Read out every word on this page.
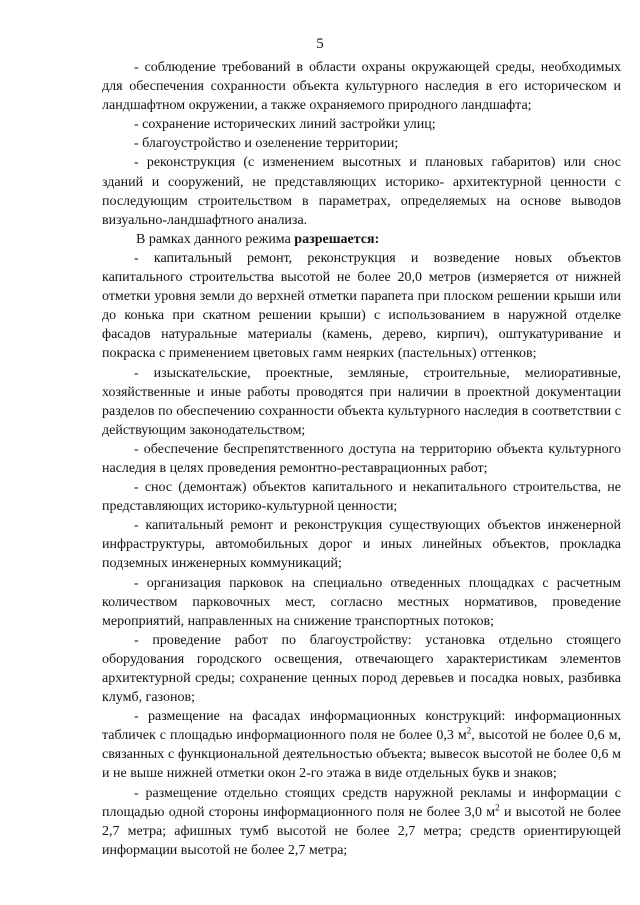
5

- соблюдение требований в области охраны окружающей среды, необходимых для обеспечения сохранности объекта культурного наследия в его историческом и ландшафтном окружении, а также охраняемого природного ландшафта;

- сохранение исторических линий застройки улиц;

- благоустройство и озеленение территории;

- реконструкция (с изменением высотных и плановых габаритов) или снос зданий и сооружений, не представляющих историко- архитектурной ценности с последующим строительством в параметрах, определяемых на основе выводов визуально-ландшафтного анализа.

В рамках данного режима разрешается:

- капитальный ремонт, реконструкция и возведение новых объектов капитального строительства высотой не более 20,0 метров (измеряется от нижней отметки уровня земли до верхней отметки парапета при плоском решении крыши или до конька при скатном решении крыши) с использованием в наружной отделке фасадов натуральные материалы (камень, дерево, кирпич), оштукатуривание и покраска с применением цветовых гамм неярких (пастельных) оттенков;

- изыскательские, проектные, земляные, строительные, мелиоративные, хозяйственные и иные работы проводятся при наличии в проектной документации разделов по обеспечению сохранности объекта культурного наследия в соответствии с действующим законодательством;

- обеспечение беспрепятственного доступа на территорию объекта культурного наследия в целях проведения ремонтно-реставрационных работ;

- снос (демонтаж) объектов капитального и некапитального строительства, не представляющих историко-культурной ценности;

- капитальный ремонт и реконструкция существующих объектов инженерной инфраструктуры, автомобильных дорог и иных линейных объектов, прокладка подземных инженерных коммуникаций;

- организация парковок на специально отведенных площадках с расчетным количеством парковочных мест, согласно местных нормативов, проведение мероприятий, направленных на снижение транспортных потоков;

- проведение работ по благоустройству: установка отдельно стоящего оборудования городского освещения, отвечающего характеристикам элементов архитектурной среды; сохранение ценных пород деревьев и посадка новых, разбивка клумб, газонов;

- размещение на фасадах информационных конструкций: информационных табличек с площадью информационного поля не более 0,3 $м^2$, высотой не более 0,6 м, связанных с функциональной деятельностью объекта; вывесок высотой не более 0,6 м и не выше нижней отметки окон 2-го этажа в виде отдельных букв и знаков;

- размещение отдельно стоящих средств наружной рекламы и информации с площадью одной стороны информационного поля не более 3,0 $м^2$ и высотой не более 2,7 метра; афишных тумб высотой не более 2,7 метра; средств ориентирующей информации высотой не более 2,7 метра;
